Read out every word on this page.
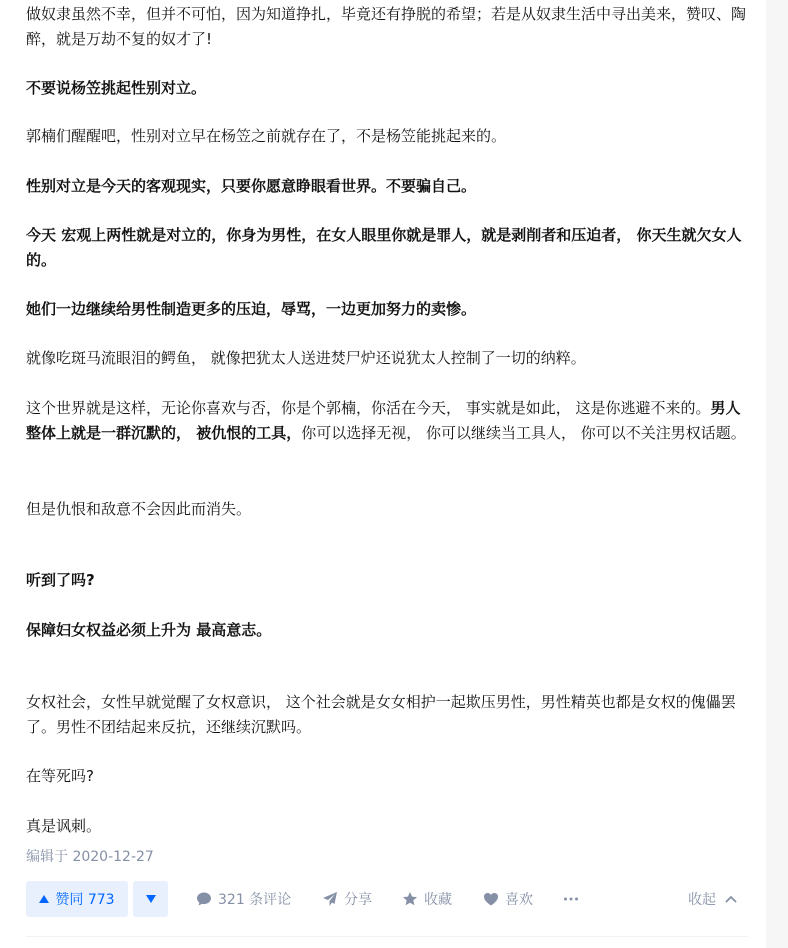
做奴隶虽然不幸，但并不可怕，因为知道挣扎，毕竟还有挣脱的希望；若是从奴隶生活中寻出美来，赞叹、陶醉，就是万劫不复的奴才了!

不要说杨笠挑起性别对立。

郭楠们醒醒吧，性别对立早在杨笠之前就存在了，不是杨笠能挑起来的。

性别对立是今天的客观现实，只要你愿意睁眼看世界。不要骗自己。

今天 宏观上两性就是对立的，你身为男性，在女人眼里你就是罪人，就是剥削者和压迫者， 你天生就欠女人的。

她们一边继续给男性制造更多的压迫，辱骂，一边更加努力的卖惨。

就像吃斑马流眼泪的鳄鱼， 就像把犹太人送进焚尸炉还说犹太人控制了一切的纳粹。

这个世界就是这样，无论你喜欢与否，你是个郭楠，你活在今天， 事实就是如此， 这是你逃避不来的。男人整体上就是一群沉默的， 被仇恨的工具，你可以选择无视， 你可以继续当工具人， 你可以不关注男权话题。

但是仇恨和敌意不会因此而消失。

听到了吗?

保障妇女权益必须上升为 最高意志。

女权社会，女性早就觉醒了女权意识， 这个社会就是女女相护一起欺压男性，男性精英也都是女权的傀儡罢了。男性不团结起来反抗，还继续沉默吗。

在等死吗?

真是讽刺。

编辑于 2020-12-27
赞同 773	321 条评论	分享	收藏	喜欢	收起
